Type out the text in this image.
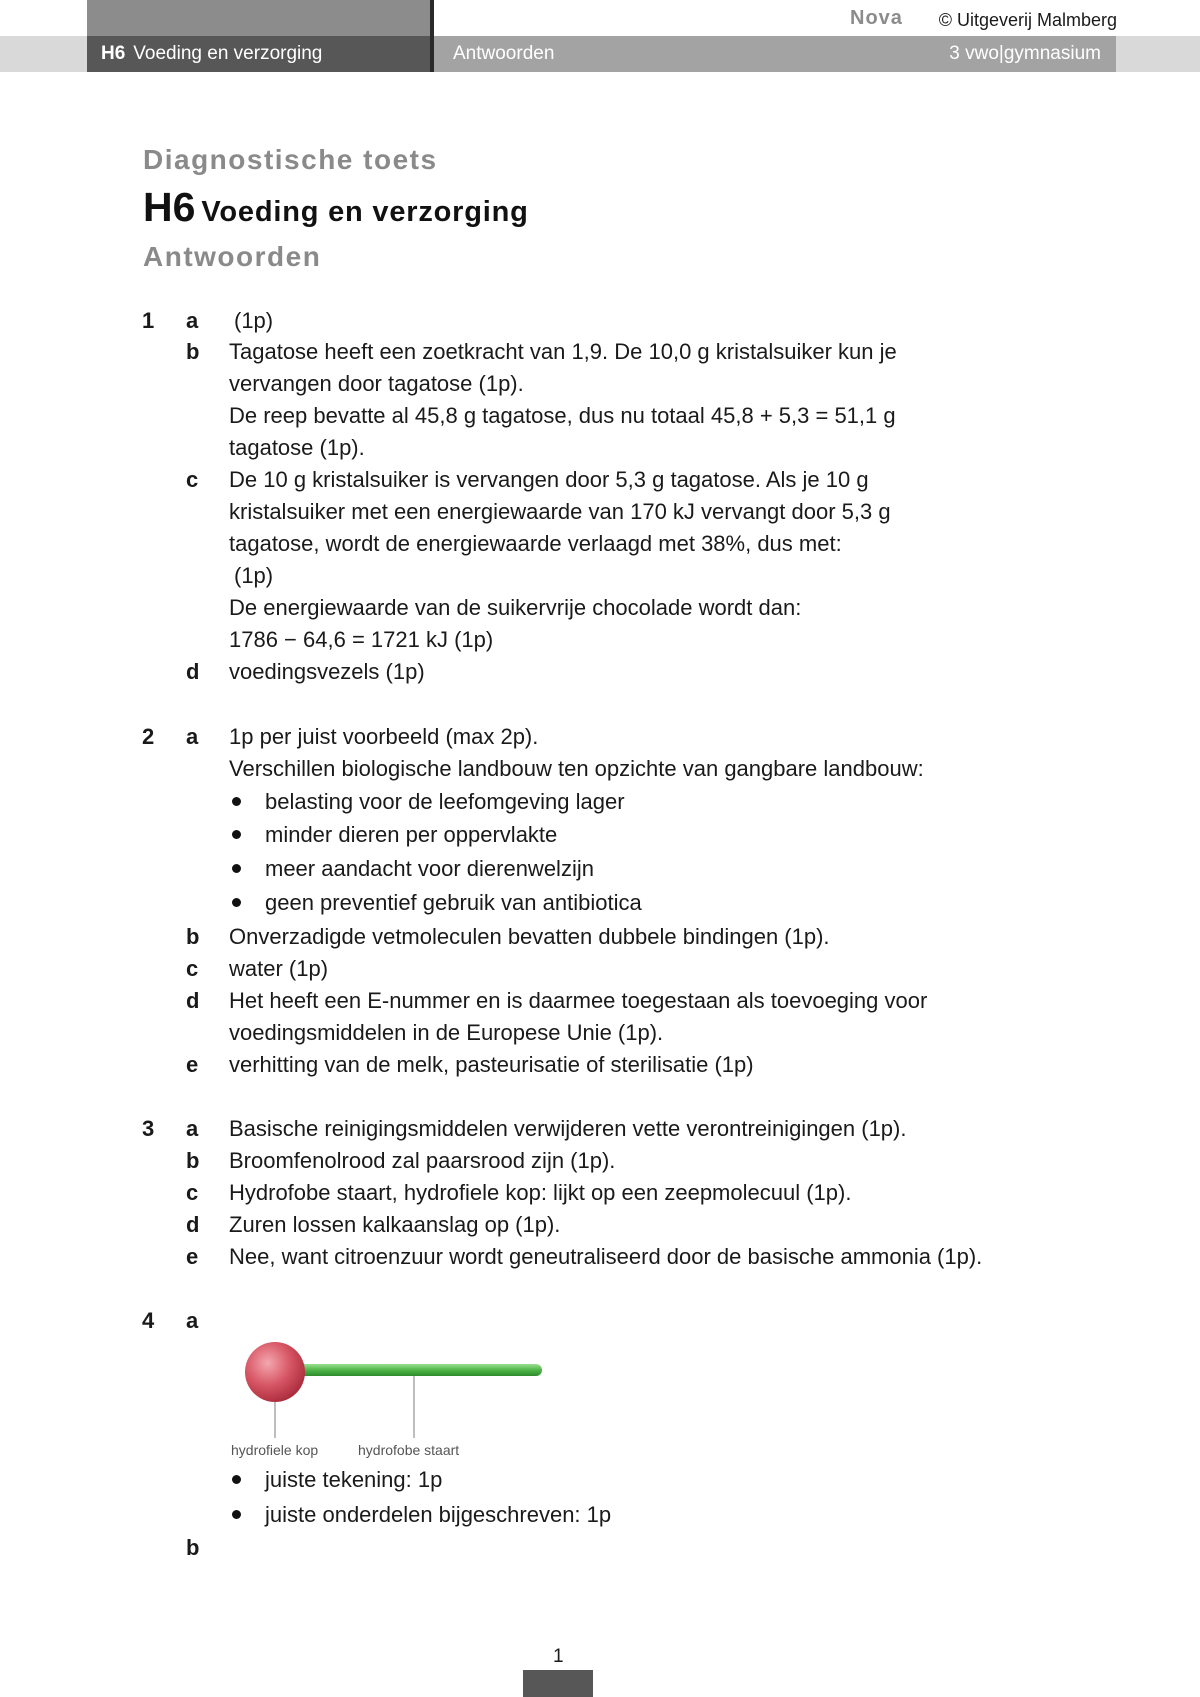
Nova © Uitgeverij Malmberg
H6 Voeding en verzorging	Antwoorden	3 vwo|gymnasium
Diagnostische toets
H6 Voeding en verzorging
Antwoorden
1 a (1p)
b Tagatose heeft een zoetkracht van 1,9. De 10,0 g kristalsuiker kun je
vervangen door tagatose (1p).
De reep bevatte al 45,8 g tagatose, dus nu totaal 45,8 + 5,3 = 51,1 g
tagatose (1p).
c De 10 g kristalsuiker is vervangen door 5,3 g tagatose. Als je 10 g
kristalsuiker met een energiewaarde van 170 kJ vervangt door 5,3 g
tagatose, wordt de energiewaarde verlaagd met 38%, dus met:
(1p)
De energiewaarde van de suikervrije chocolade wordt dan:
1786 − 64,6 = 1721 kJ (1p)
d voedingsvezels (1p)
2 a 1p per juist voorbeeld (max 2p).
Verschillen biologische landbouw ten opzichte van gangbare landbouw:
belasting voor de leefomgeving lager
minder dieren per oppervlakte
meer aandacht voor dierenwelzijn
geen preventief gebruik van antibiotica
b Onverzadigde vetmoleculen bevatten dubbele bindingen (1p).
c water (1p)
d Het heeft een E-nummer en is daarmee toegestaan als toevoeging voor
voedingsmiddelen in de Europese Unie (1p).
e verhitting van de melk, pasteurisatie of sterilisatie (1p)
3 a Basische reinigingsmiddelen verwijderen vette verontreinigingen (1p).
b Broomfenolrood zal paarsrood zijn (1p).
c Hydrofobe staart, hydrofiele kop: lijkt op een zeepmolecuul (1p).
d Zuren lossen kalkaanslag op (1p).
e Nee, want citroenzuur wordt geneutraliseerd door de basische ammonia (1p).
4 a
hydrofiele kop	hydrofobe staart
juiste tekening: 1p
juiste onderdelen bijgeschreven: 1p
b
1
